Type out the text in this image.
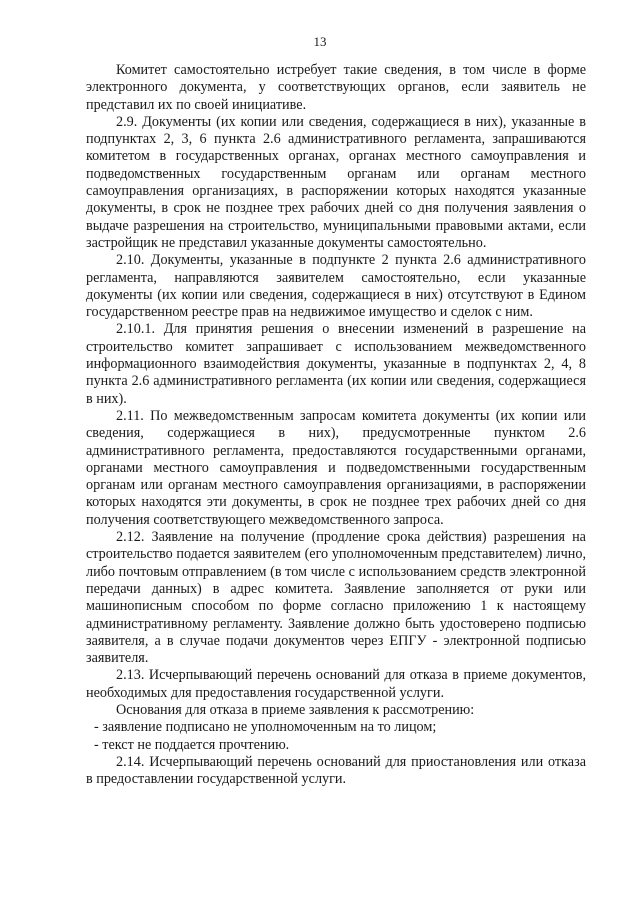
13

Комитет самостоятельно истребует такие сведения, в том числе в форме электронного документа, у соответствующих органов, если заявитель не представил их по своей инициативе.

2.9. Документы (их копии или сведения, содержащиеся в них), указанные в подпунктах 2, 3, 6 пункта 2.6 административного регламента, запрашиваются комитетом в государственных органах, органах местного самоуправления и подведомственных государственным органам или органам местного самоуправления организациях, в распоряжении которых находятся указанные документы, в срок не позднее трех рабочих дней со дня получения заявления о выдаче разрешения на строительство, муниципальными правовыми актами, если застройщик не представил указанные документы самостоятельно.

2.10. Документы, указанные в подпункте 2 пункта 2.6 административного регламента, направляются заявителем самостоятельно, если указанные документы (их копии или сведения, содержащиеся в них) отсутствуют в Едином государственном реестре прав на недвижимое имущество и сделок с ним.

2.10.1. Для принятия решения о внесении изменений в разрешение на строительство комитет запрашивает с использованием межведомственного информационного взаимодействия документы, указанные в подпунктах 2, 4, 8 пункта 2.6 административного регламента (их копии или сведения, содержащиеся в них).

2.11. По межведомственным запросам комитета документы (их копии или сведения, содержащиеся в них), предусмотренные пунктом 2.6 административного регламента, предоставляются государственными органами, органами местного самоуправления и подведомственными государственным органам или органам местного самоуправления организациями, в распоряжении которых находятся эти документы, в срок не позднее трех рабочих дней со дня получения соответствующего межведомственного запроса.

2.12. Заявление на получение (продление срока действия) разрешения на строительство подается заявителем (его уполномоченным представителем) лично, либо почтовым отправлением (в том числе с использованием средств электронной передачи данных) в адрес комитета. Заявление заполняется от руки или машинописным способом по форме согласно приложению 1 к настоящему административному регламенту. Заявление должно быть удостоверено подписью заявителя, а в случае подачи документов через ЕПГУ - электронной подписью заявителя.

2.13. Исчерпывающий перечень оснований для отказа в приеме документов, необходимых для предоставления государственной услуги.

Основания для отказа в приеме заявления к рассмотрению:

- заявление подписано не уполномоченным на то лицом;

- текст не поддается прочтению.

2.14. Исчерпывающий перечень оснований для приостановления или отказа в предоставлении государственной услуги.
